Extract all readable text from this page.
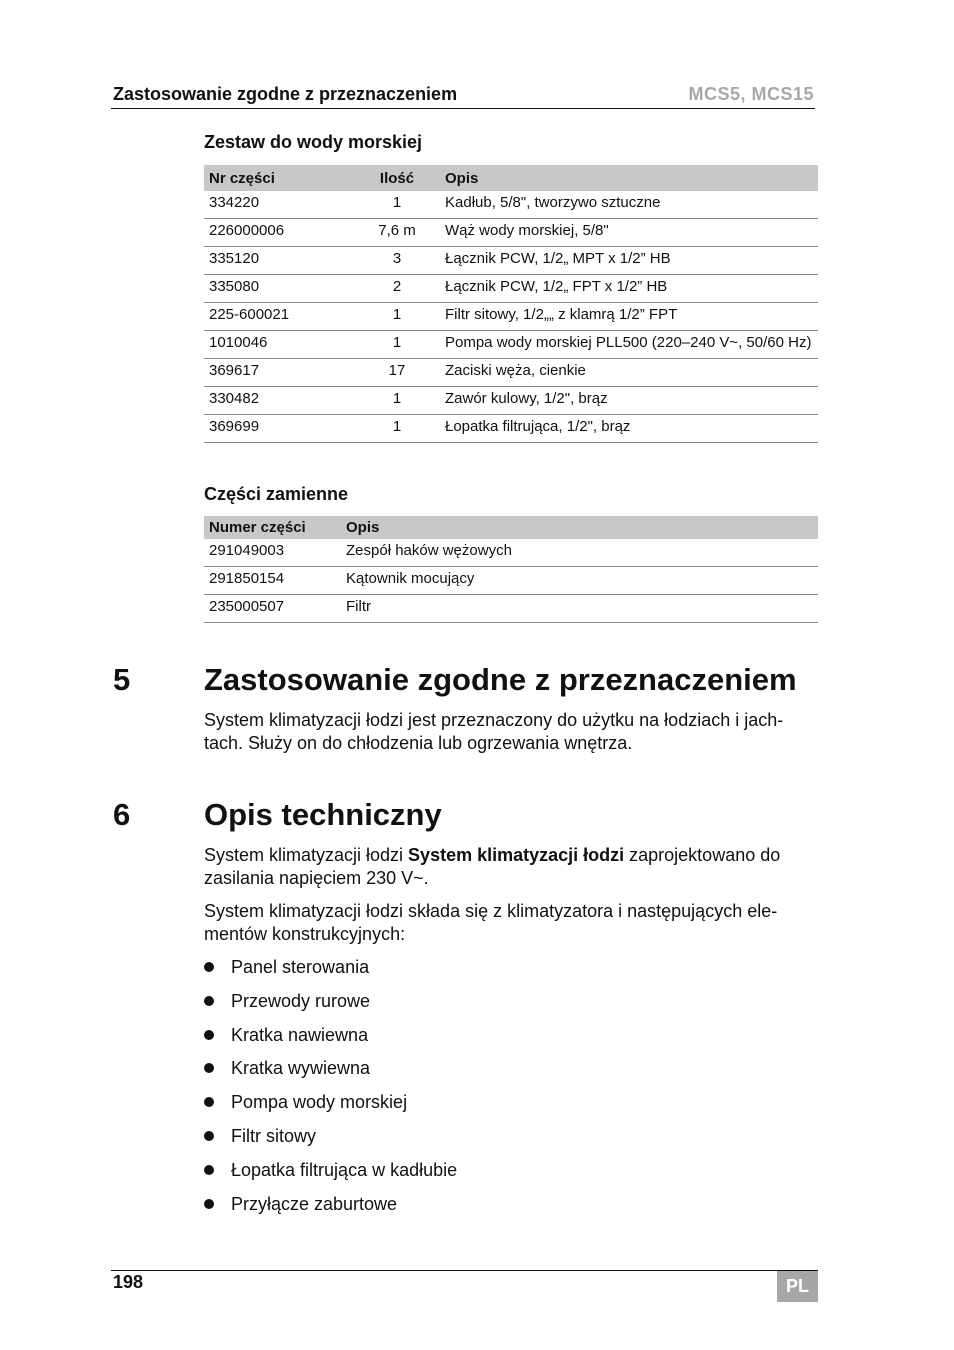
Zastosowanie zgodne z przeznaczeniem	MCS5, MCS15
Zestaw do wody morskiej
Nr części	Ilość	Opis
334220	1	Kadłub, 5/8", tworzywo sztuczne
226000006	7,6 m	Wąż wody morskiej, 5/8"
335120	3	Łącznik PCW, 1/2„ MPT x 1/2” HB
335080	2	Łącznik PCW, 1/2„ FPT x 1/2” HB
225-600021	1	Filtr sitowy, 1/2„„ z klamrą 1/2” FPT
1010046	1	Pompa wody morskiej PLL500 (220–240 V~, 50/60 Hz)
369617	17	Zaciski węża, cienkie
330482	1	Zawór kulowy, 1/2", brąz
369699	1	Łopatka filtrująca, 1/2", brąz
Części zamienne
Numer części	Opis
291049003	Zespół haków wężowych
291850154	Kątownik mocujący
235000507	Filtr
5 Zastosowanie zgodne z przeznaczeniem
System klimatyzacji łodzi jest przeznaczony do użytku na łodziach i jach-
tach. Służy on do chłodzenia lub ogrzewania wnętrza.
6 Opis techniczny
System klimatyzacji łodzi System klimatyzacji łodzi zaprojektowano do
zasilania napięciem 230 V~.
System klimatyzacji łodzi składa się z klimatyzatora i następujących ele-
mentów konstrukcyjnych:
Panel sterowania
Przewody rurowe
Kratka nawiewna
Kratka wywiewna
Pompa wody morskiej
Filtr sitowy
Łopatka filtrująca w kadłubie
Przyłącze zaburtowe
198	PL
